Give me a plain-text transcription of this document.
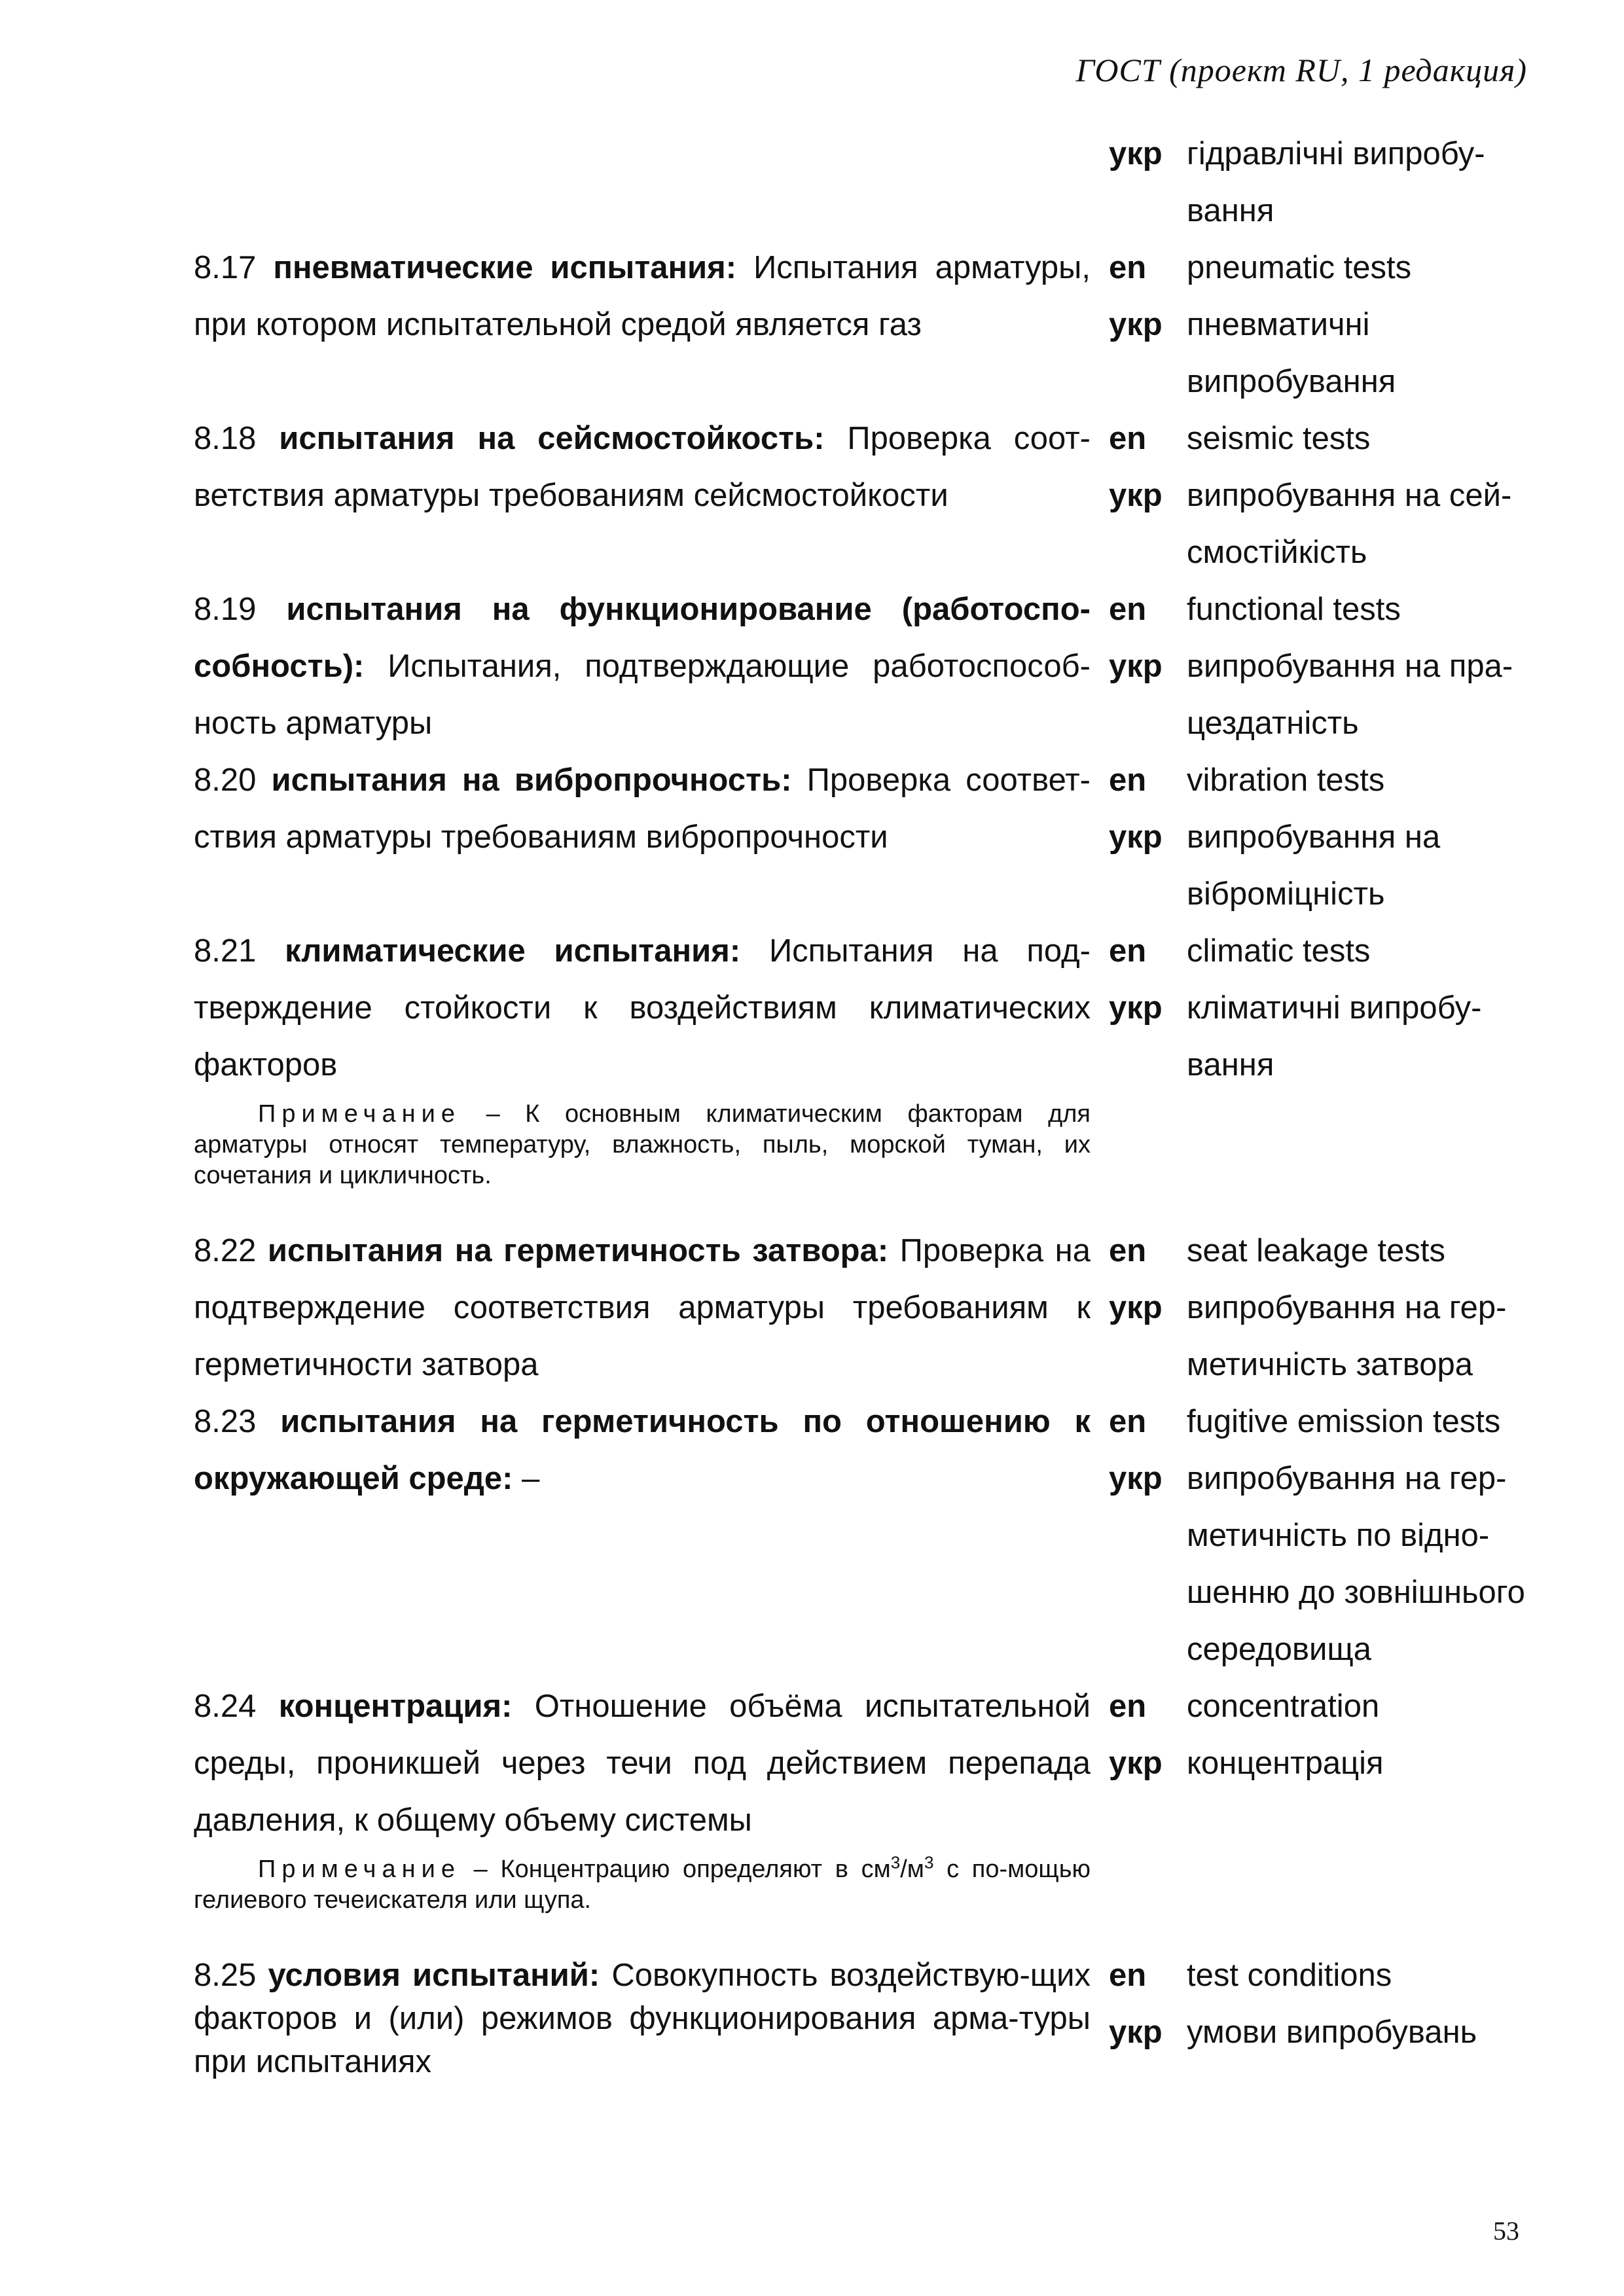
ГОСТ (проект RU, 1 редакция)
укр гідравлічні випробу-
вання
8.17 пневматические испытания: Испытания арматуры, при котором испытательной средой является газ
en
укр
pneumatic tests
пневматичні
випробування
8.18 испытания на сейсмостойкость: Проверка соот-ветствия арматуры требованиям сейсмостойкости
en
укр
seismic tests
випробування на сей-
смостійкість
8.19 испытания на функционирование (работоспо-собность): Испытания, подтверждающие работоспособ-ность арматуры
en
укр
functional tests
випробування на пра-
цездатність
8.20 испытания на вибропрочность: Проверка соответ-ствия арматуры требованиям вибропрочности
en
укр
vibration tests
випробування на
віброміцність
8.21 климатические испытания: Испытания на под-тверждение стойкости к воздействиям климатических факторов
en
укр
climatic tests
кліматичні випробу-
вання
Примечание – К основным климатическим факторам для арматуры относят температуру, влажность, пыль, морской туман, их сочетания и цикличность.
8.22 испытания на герметичность затвора: Проверка на подтверждение соответствия арматуры требованиям к герметичности затвора
en
укр
seat leakage tests
випробування на гер-
метичність затвора
8.23 испытания на герметичность по отношению к окружающей среде: –
en
укр
fugitive emission tests
випробування на гер-
метичність по відно-
шенню до зовнішнього
середовища
8.24 концентрация: Отношение объёма испытательной среды, проникшей через течи под действием перепада давления, к общему объему системы
en
укр
concentration
концентрація
Примечание – Концентрацию определяют в $см^3/м^3$ с по-мощью гелиевого течеискателя или щупа.
8.25 условия испытаний: Совокупность воздействую-щих факторов и (или) режимов функционирования арма-туры при испытаниях
en
укр
test conditions
умови випробувань
53
